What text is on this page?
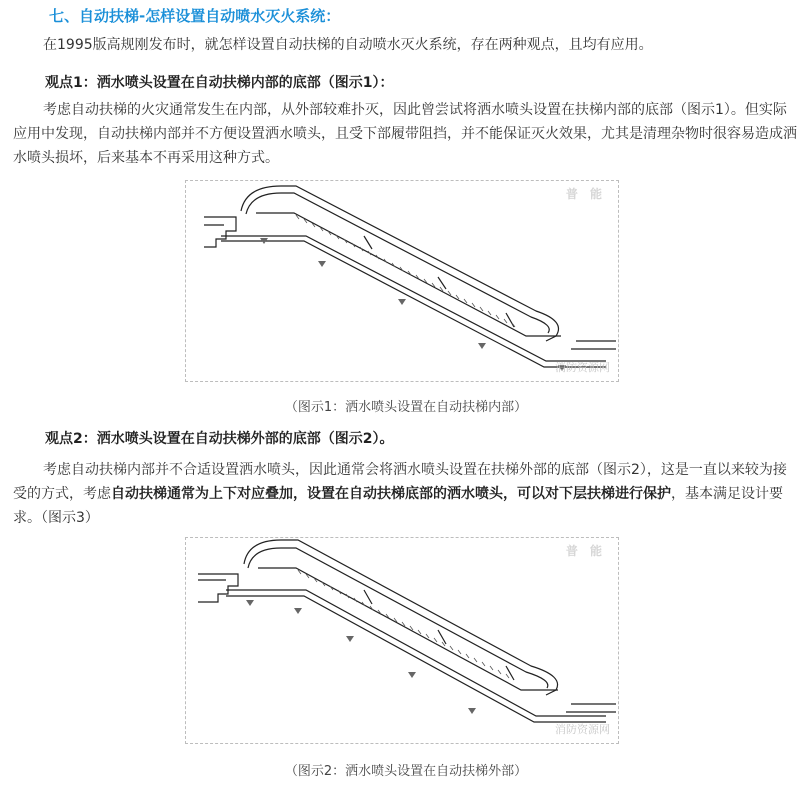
七、自动扶梯-怎样设置自动喷水灭火系统：
在1995版高规刚发布时，就怎样设置自动扶梯的自动喷水灭火系统，存在两种观点，且均有应用。
观点1：洒水喷头设置在自动扶梯内部的底部（图示1）：
考虑自动扶梯的火灾通常发生在内部，从外部较难扑灭，因此曾尝试将洒水喷头设置在扶梯内部的底部（图示1）。但实际应用中发现，自动扶梯内部并不方便设置洒水喷头，且受下部履带阻挡，并不能保证灭火效果，尤其是清理杂物时很容易造成洒水喷头损坏，后来基本不再采用这种方式。
普 能
消防资源网
（图示1：洒水喷头设置在自动扶梯内部）
观点2：洒水喷头设置在自动扶梯外部的底部（图示2）。
考虑自动扶梯内部并不合适设置洒水喷头，因此通常会将洒水喷头设置在扶梯外部的底部（图示2），这是一直以来较为接受的方式，考虑自动扶梯通常为上下对应叠加，设置在自动扶梯底部的洒水喷头，可以对下层扶梯进行保护，基本满足设计要求。（图示3）
普 能
消防资源网
（图示2：洒水喷头设置在自动扶梯外部）
